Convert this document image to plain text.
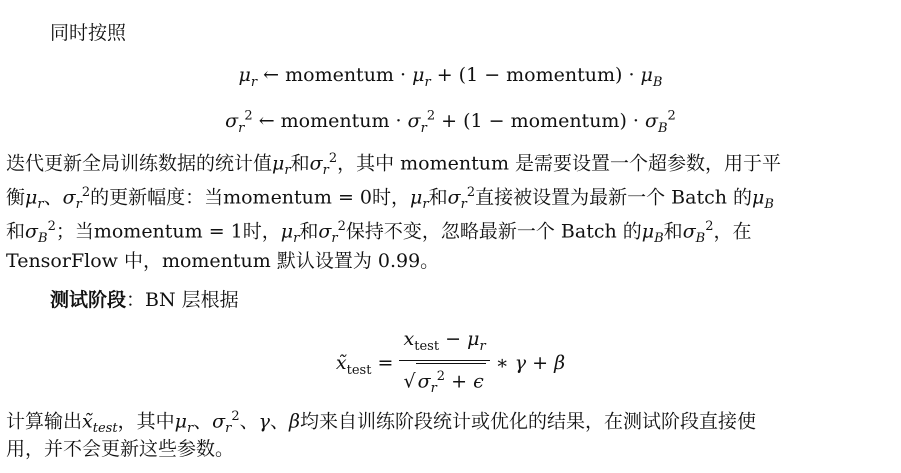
同时按照
$\mu_r$ ← momentum · $\mu_r + (1$ − momentum) · $\mu_B$
$\sigma_r^2$ ← momentum · $\sigma_r^2 + (1$ − momentum) · $\sigma_B^2$
迭代更新全局训练数据的统计值$\mu_r$和$\sigma_r^2$，其中 momentum 是需要设置一个超参数，用于平
衡$\mu_r$、$\sigma_r^2$的更新幅度：当momentum = 0时，$\mu_r$和$\sigma_r^2$直接被设置为最新一个 Batch 的$\mu_B$
和$\sigma_B^2$；当momentum = 1时，$\mu_r$和$\sigma_r^2$保持不变，忽略最新一个 Batch 的$\mu_B$和$\sigma_B^2$，在
TensorFlow 中，momentum 默认设置为 0.99。
测试阶段：BN 层根据
$x̃_{test} = \frac{x_{test} - \mu_r}{√ \sigma_r^2 + \epsilon}$ ∗ γ + β
计算输出$x̃_{test}$，其中$\mu_r$、$\sigma_r^2$、γ、β均来自训练阶段统计或优化的结果，在测试阶段直接使
用，并不会更新这些参数。
